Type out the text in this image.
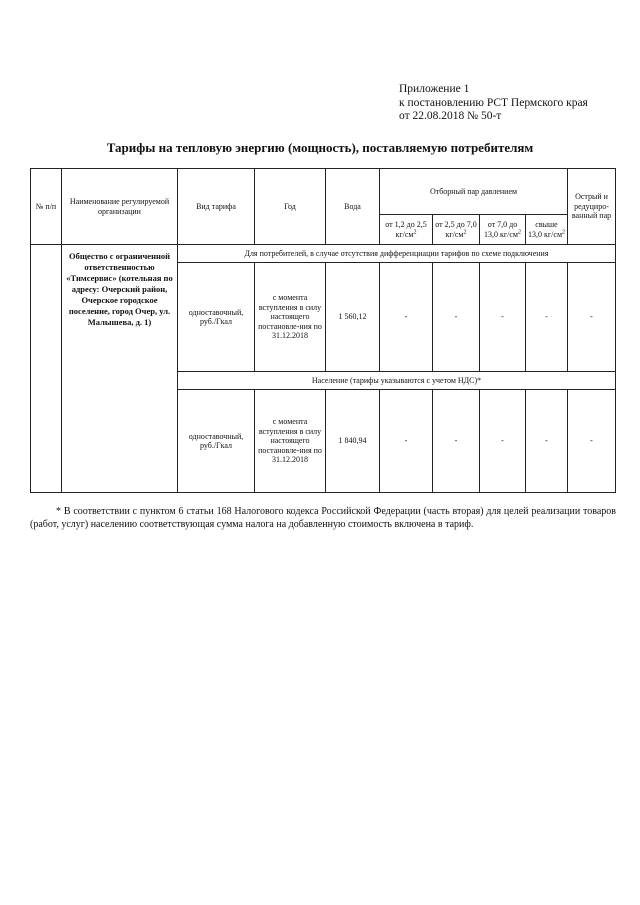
Приложение 1
к постановлению РСТ Пермского края
от 22.08.2018 № 50-т
Тарифы на тепловую энергию (мощность), поставляемую потребителям
№ п/п	Наименование регулируемой организации	Вид тарифа	Год	Вода	Отборный пар давлением				Острый и редуциро-ванный пар
					от 1,2 до 2,5 $кг/см^2$	от 2,5 до 7,0 $кг/см^2$	от 7,0 до 13,0 $кг/см^2$	свыше 13,0 $кг/см^2$
	Общество с ограниченной ответственностью «Тимсервис» (котельная по адресу: Очерский район, Очерское городское поселение, город Очер, ул. Малышева, д. 1)	Для потребителей, в случае отсутствия дифференциации тарифов по схеме подключения							
		одноставочный, руб./Гкал	с момента вступления в силу настоящего постановле-ния по 31.12.2018	1 560,12	-	-	-	-	-
		Население (тарифы указываются с учетом НДС)*							
		одноставочный, руб./Гкал	с момента вступления в силу настоящего постановле-ния по 31.12.2018	1 840,94	-	-	-	-	-
* В соответствии с пунктом 6 статьи 168 Налогового кодекса Российской Федерации (часть вторая) для целей реализации товаров (работ, услуг) населению соответствующая сумма налога на добавленную стоимость включена в тариф.
